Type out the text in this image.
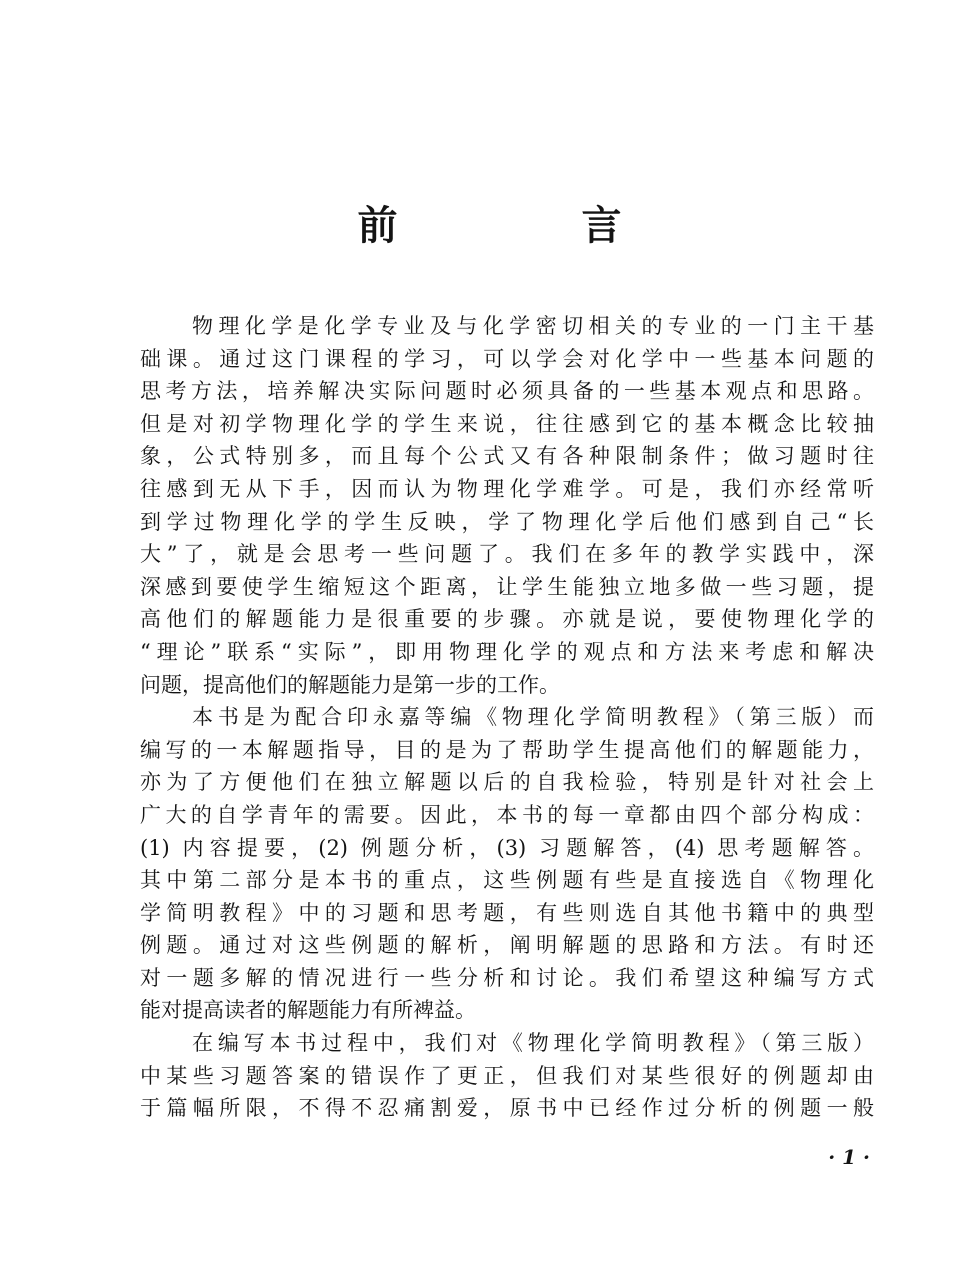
前　言
物理化学是化学专业及与化学密切相关的专业的一门主干基
础课。通过这门课程的学习，可以学会对化学中一些基本问题的
思考方法，培养解决实际问题时必须具备的一些基本观点和思路。
但是对初学物理化学的学生来说，往往感到它的基本概念比较抽
象，公式特别多，而且每个公式又有各种限制条件；做习题时往
往感到无从下手，因而认为物理化学难学。可是，我们亦经常听
到学过物理化学的学生反映，学了物理化学后他们感到自己“长
大”了，就是会思考一些问题了。我们在多年的教学实践中，深
深感到要使学生缩短这个距离，让学生能独立地多做一些习题，提
高他们的解题能力是很重要的步骤。亦就是说，要使物理化学的
“理论”联系“实际”，即用物理化学的观点和方法来考虑和解决
问题，提高他们的解题能力是第一步的工作。
本书是为配合印永嘉等编《物理化学简明教程》（第三版）而
编写的一本解题指导，目的是为了帮助学生提高他们的解题能力，
亦为了方便他们在独立解题以后的自我检验，特别是针对社会上
广大的自学青年的需要。因此，本书的每一章都由四个部分构成：
(1) 内容提要，(2) 例题分析，(3) 习题解答，(4) 思考题解答。
其中第二部分是本书的重点，这些例题有些是直接选自《物理化
学简明教程》中的习题和思考题，有些则选自其他书籍中的典型
例题。通过对这些例题的解析，阐明解题的思路和方法。有时还
对一题多解的情况进行一些分析和讨论。我们希望这种编写方式
能对提高读者的解题能力有所裨益。
在编写本书过程中，我们对《物理化学简明教程》（第三版）
中某些习题答案的错误作了更正，但我们对某些很好的例题却由
于篇幅所限，不得不忍痛割爱，原书中已经作过分析的例题一般
· 1 ·
